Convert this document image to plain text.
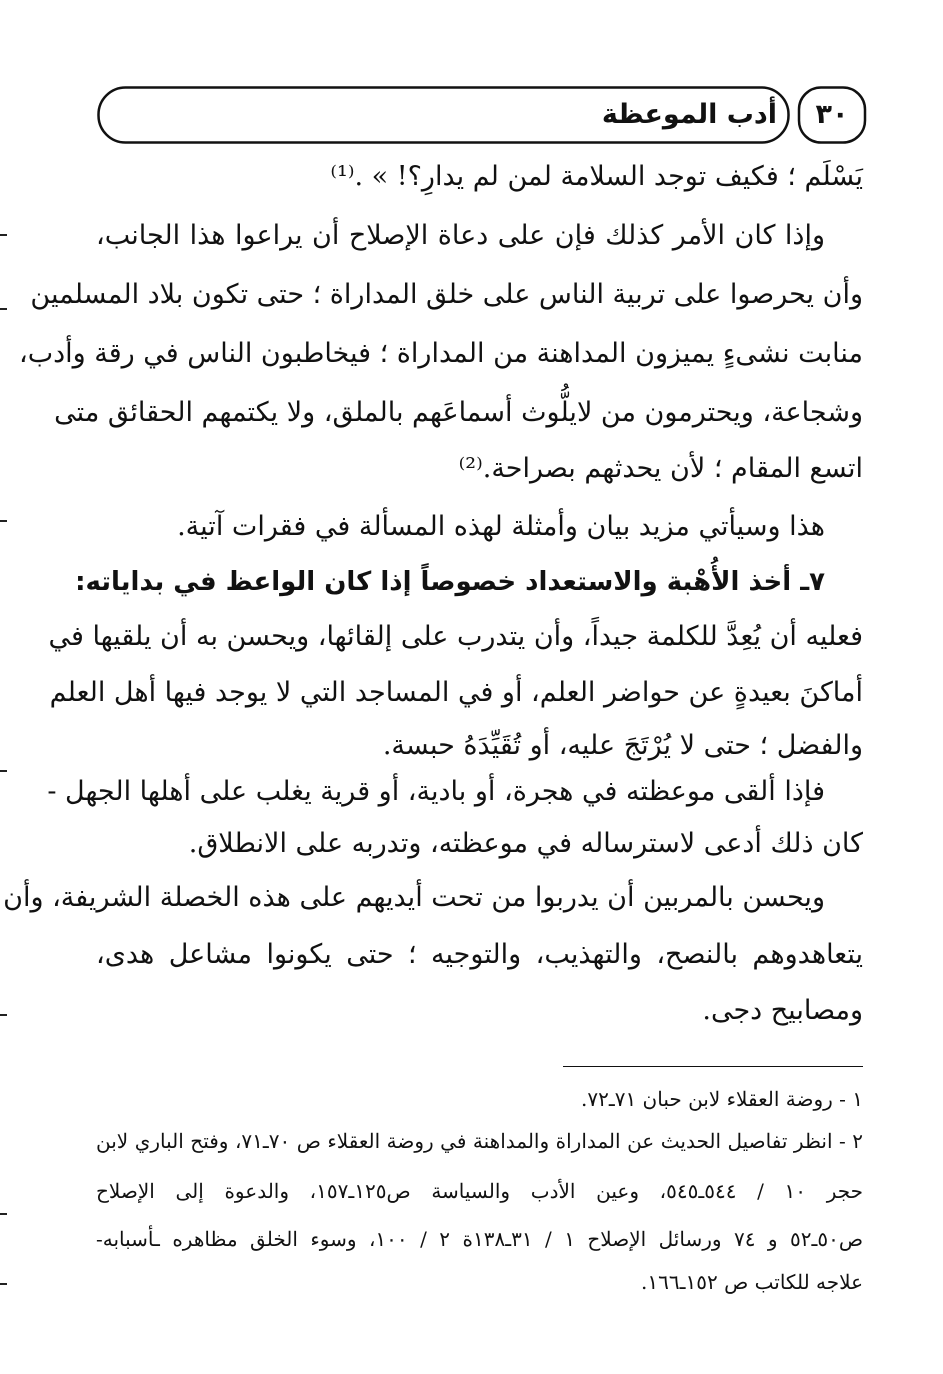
أدب الموعظة	٣٠
يَسْلَم ؛ فكيف توجد السلامة لمن لم يدارِ؟! » .⁽¹⁾
وإذا كان الأمر كذلك فإن على دعاة الإصلاح أن يراعوا هذا الجانب،
وأن يحرصوا على تربية الناس على خلق المداراة ؛ حتى تكون بلاد المسلمين
منابت نشىءٍ يميزون المداهنة من المداراة ؛ فيخاطبون الناس في رقة وأدب،
وشجاعة، ويحترمون من لايلُّوث أسماعَهم بالملق، ولا يكتمهم الحقائق متى
اتسع المقام ؛ لأن يحدثهم بصراحة.⁽²⁾
هذا وسيأتي مزيد بيان وأمثلة لهذه المسألة في فقرات آتية.
٧ـ أخذ الأُهْبة والاستعداد خصوصاً إذا كان الواعظ في بداياته:
فعليه أن يُعِدَّ للكلمة جيداً، وأن يتدرب على إلقائها، ويحسن به أن يلقيها في
أماكنَ بعيدةٍ عن حواضر العلم، أو في المساجد التي لا يوجد فيها أهل العلم
والفضل ؛ حتى لا يُرْتَجَ عليه، أو تُقَيِّدَهُ حبسة.
فإذا ألقى موعظته في هجرة، أو بادية، أو قرية يغلب على أهلها الجهل -
كان ذلك أدعى لاسترساله في موعظته، وتدربه على الانطلاق.
ويحسن بالمربين أن يدربوا من تحت أيديهم على هذه الخصلة الشريفة، وأن
يتعاهدوهم بالنصح، والتهذيب، والتوجيه ؛ حتى يكونوا مشاعل هدى،
ومصابيح دجى.
١ - روضة العقلاء لابن حبان ٧١ـ٧٢.
٢ - انظر تفاصيل الحديث عن المداراة والمداهنة في روضة العقلاء ص ٧٠ـ٧١، وفتح الباري لابن
حجر ١٠ / ٥٤٤ـ٥٤٥، وعين الأدب والسياسة ص١٢٥ـ١٥٧، والدعوة إلى الإصلاح
ص٥٠ـ٥٢ و ٧٤ ورسائل الإصلاح ١ / ٣١ـ١٣٨ة ٢ / ١٠٠، وسوء الخلق مظاهره ـأسبابه-
علاجه للكاتب ص ١٥٢ـ١٦٦.
